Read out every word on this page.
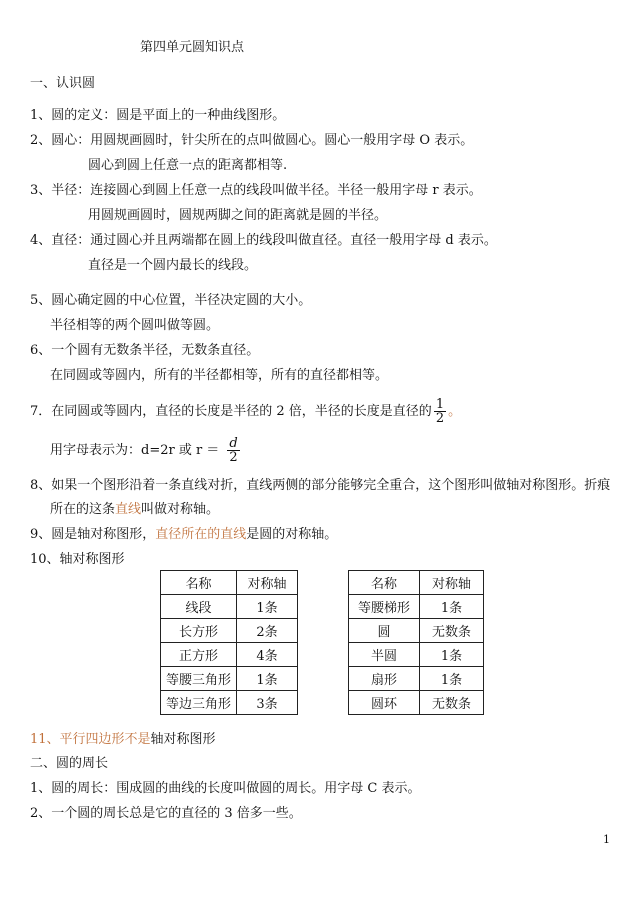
第四单元圆知识点
一、认识圆
1、圆的定义：圆是平面上的一种曲线图形。
2、圆心：用圆规画圆时，针尖所在的点叫做圆心。圆心一般用字母 O 表示。
圆心到圆上任意一点的距离都相等.
3、半径：连接圆心到圆上任意一点的线段叫做半径。半径一般用字母 r 表示。
用圆规画圆时，圆规两脚之间的距离就是圆的半径。
4、直径：通过圆心并且两端都在圆上的线段叫做直径。直径一般用字母 d 表示。
直径是一个圆内最长的线段。
5、圆心确定圆的中心位置，半径决定圆的大小。
半径相等的两个圆叫做等圆。
6、一个圆有无数条半径，无数条直径。
在同圆或等圆内，所有的半径都相等，所有的直径都相等。
7．在同圆或等圆内，直径的长度是半径的 2 倍，半径的长度是直径的 $\frac{1}{2}$ 。
用字母表示为：d=2r 或 $r = \frac{d}{2}$
8、如果一个图形沿着一条直线对折，直线两侧的部分能够完全重合，这个图形叫做轴对称图形。折痕
所在的这条直线叫做对称轴。
9、圆是轴对称图形，直径所在的直线是圆的对称轴。
10、轴对称图形
名称	对称轴
线段	1条
长方形	2条
正方形	4条
等腰三角形	1条
等边三角形	3条
名称	对称轴
等腰梯形	1条
圆	无数条
半圆	1条
扇形	1条
圆环	无数条
11、平行四边形不是轴对称图形
二、圆的周长
1、圆的周长：围成圆的曲线的长度叫做圆的周长。用字母 C 表示。
2、一个圆的周长总是它的直径的 3 倍多一些。
1
